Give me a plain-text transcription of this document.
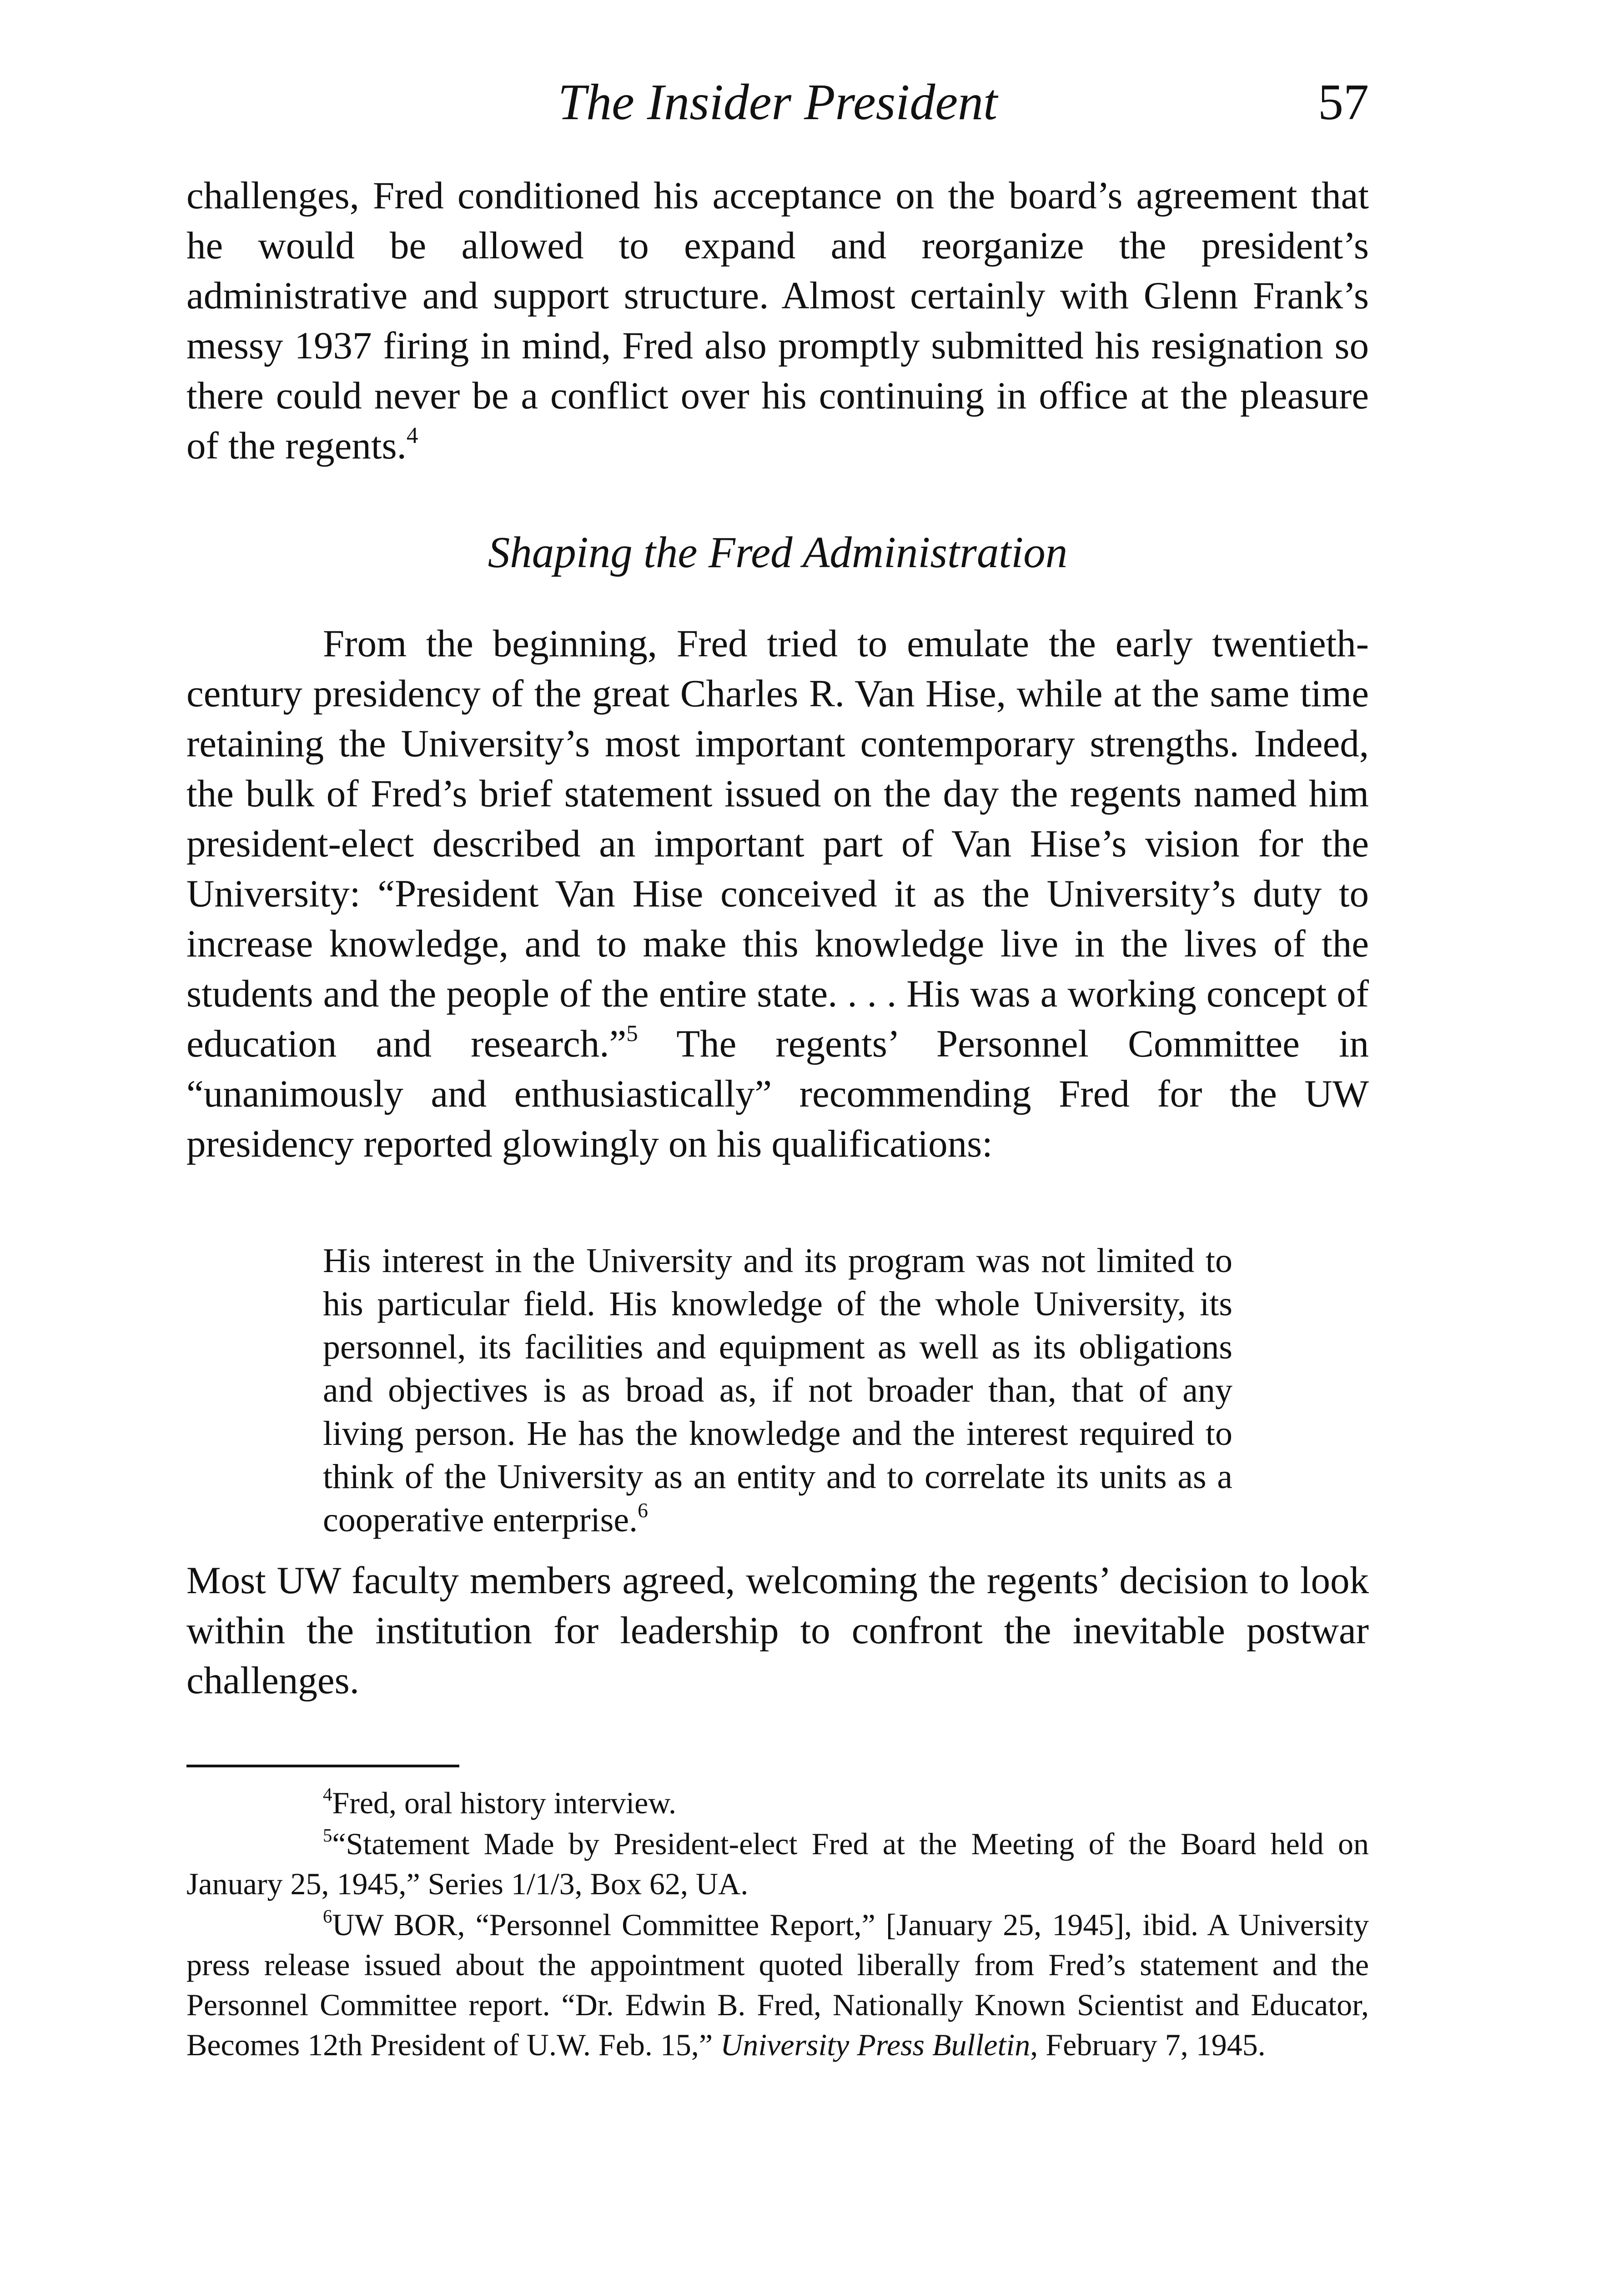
The Insider President	57

challenges, Fred conditioned his acceptance on the board’s agreement that he would be allowed to expand and reorganize the president’s administrative and support structure. Almost certainly with Glenn Frank’s messy 1937 firing in mind, Fred also promptly submitted his resignation so there could never be a conflict over his continuing in office at the pleasure of the regents.$^4$

Shaping the Fred Administration

From the beginning, Fred tried to emulate the early twentieth-century presidency of the great Charles R. Van Hise, while at the same time retaining the University’s most important contemporary strengths. Indeed, the bulk of Fred’s brief statement issued on the day the regents named him president-elect described an important part of Van Hise’s vision for the University: “President Van Hise conceived it as the University’s duty to increase knowledge, and to make this knowledge live in the lives of the students and the people of the entire state. . . . His was a working concept of education and research.”$^5$ The regents’ Personnel Committee in “unanimously and enthusiastically” recommending Fred for the UW presidency reported glowingly on his qualifications:

His interest in the University and its program was not limited to his particular field. His knowledge of the whole University, its personnel, its facilities and equipment as well as its obligations and objectives is as broad as, if not broader than, that of any living person. He has the knowledge and the interest required to think of the University as an entity and to correlate its units as a cooperative enterprise.$^6$

Most UW faculty members agreed, welcoming the regents’ decision to look within the institution for leadership to confront the inevitable postwar challenges.

$^4$Fred, oral history interview.

$^5$“Statement Made by President-elect Fred at the Meeting of the Board held on January 25, 1945,” Series 1/1/3, Box 62, UA.

$^6$UW BOR, “Personnel Committee Report,” [January 25, 1945], ibid. A University press release issued about the appointment quoted liberally from Fred’s statement and the Personnel Committee report. “Dr. Edwin B. Fred, Nationally Known Scientist and Educator, Becomes 12th President of U.W. Feb. 15,” University Press Bulletin, February 7, 1945.
